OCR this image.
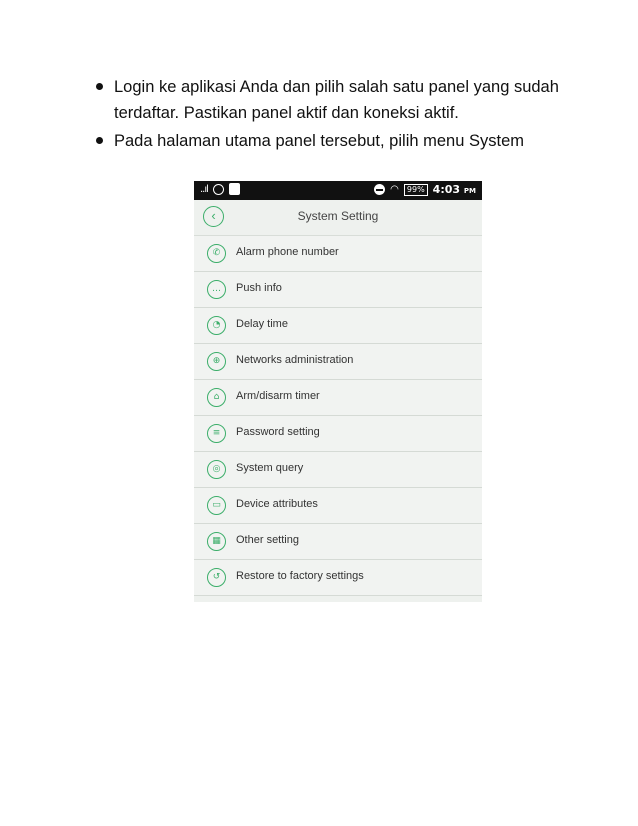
Login ke aplikasi Anda dan pilih salah satu panel yang sudah terdaftar. Pastikan panel aktif dan koneksi aktif.
Pada halaman utama panel tersebut, pilih menu System
..ıl	◠	99% 4:03 PM
‹	System Setting
✆	Alarm phone number
…	Push info
◔	Delay time
⊕	Networks administration
⌂	Arm/disarm timer
≡	Password setting
◎	System query
▭	Device attributes
▦	Other setting
↺	Restore to factory settings
